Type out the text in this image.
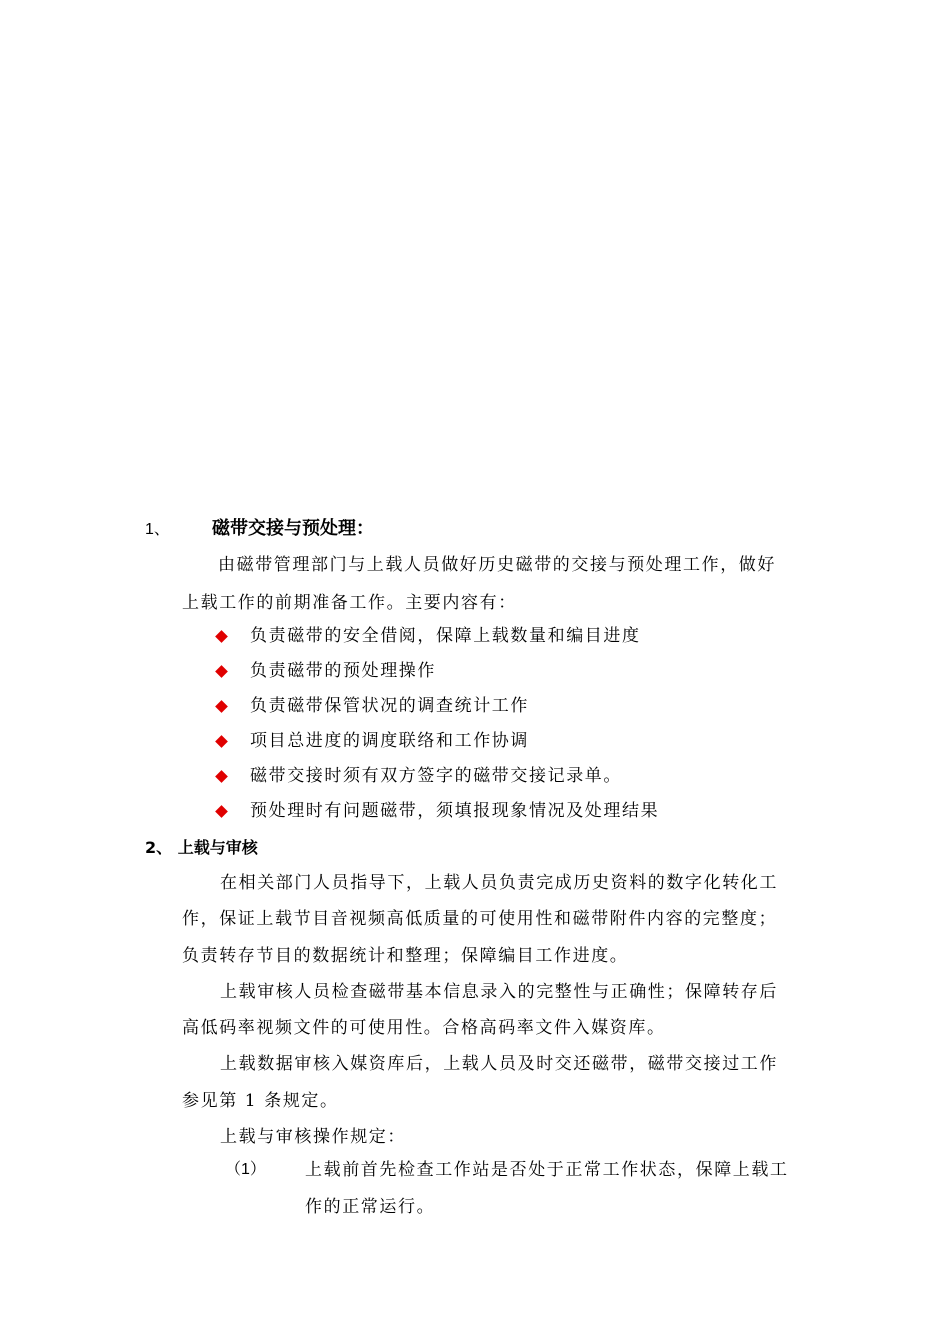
1、 磁带交接与预处理：
由磁带管理部门与上载人员做好历史磁带的交接与预处理工作，做好
上载工作的前期准备工作。主要内容有：
负责磁带的安全借阅，保障上载数量和编目进度
负责磁带的预处理操作
负责磁带保管状况的调查统计工作
项目总进度的调度联络和工作协调
磁带交接时须有双方签字的磁带交接记录单。
预处理时有问题磁带，须填报现象情况及处理结果
2、 上载与审核
在相关部门人员指导下，上载人员负责完成历史资料的数字化转化工
作，保证上载节目音视频高低质量的可使用性和磁带附件内容的完整度；
负责转存节目的数据统计和整理；保障编目工作进度。
上载审核人员检查磁带基本信息录入的完整性与正确性；保障转存后
高低码率视频文件的可使用性。合格高码率文件入媒资库。
上载数据审核入媒资库后，上载人员及时交还磁带，磁带交接过工作
参见第 1 条规定。
上载与审核操作规定：
（1） 上载前首先检查工作站是否处于正常工作状态，保障上载工
作的正常运行。
